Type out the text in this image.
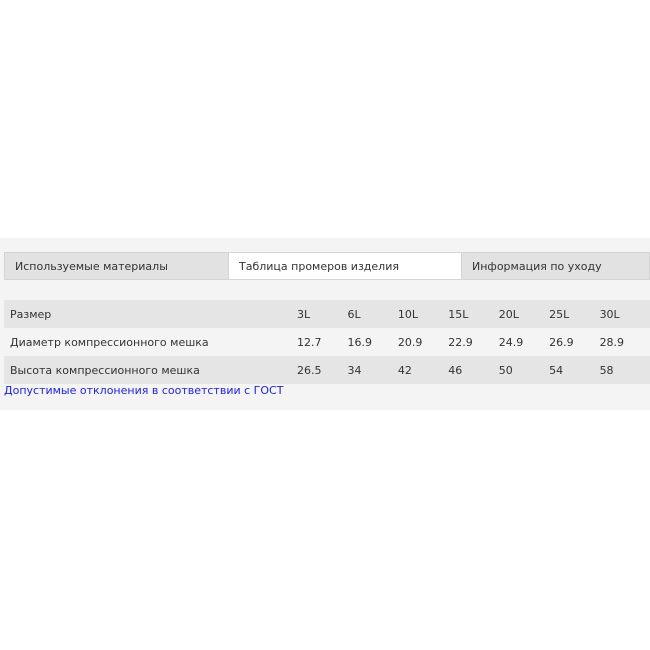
Используемые материалы	Таблица промеров изделия	Информация по уходу
Размер	3L	6L	10L	15L	20L	25L	30L
Диаметр компрессионного мешка	12.7	16.9	20.9	22.9	24.9	26.9	28.9
Высота компрессионного мешка	26.5	34	42	46	50	54	58
Допустимые отклонения в соответствии с ГОСТ
